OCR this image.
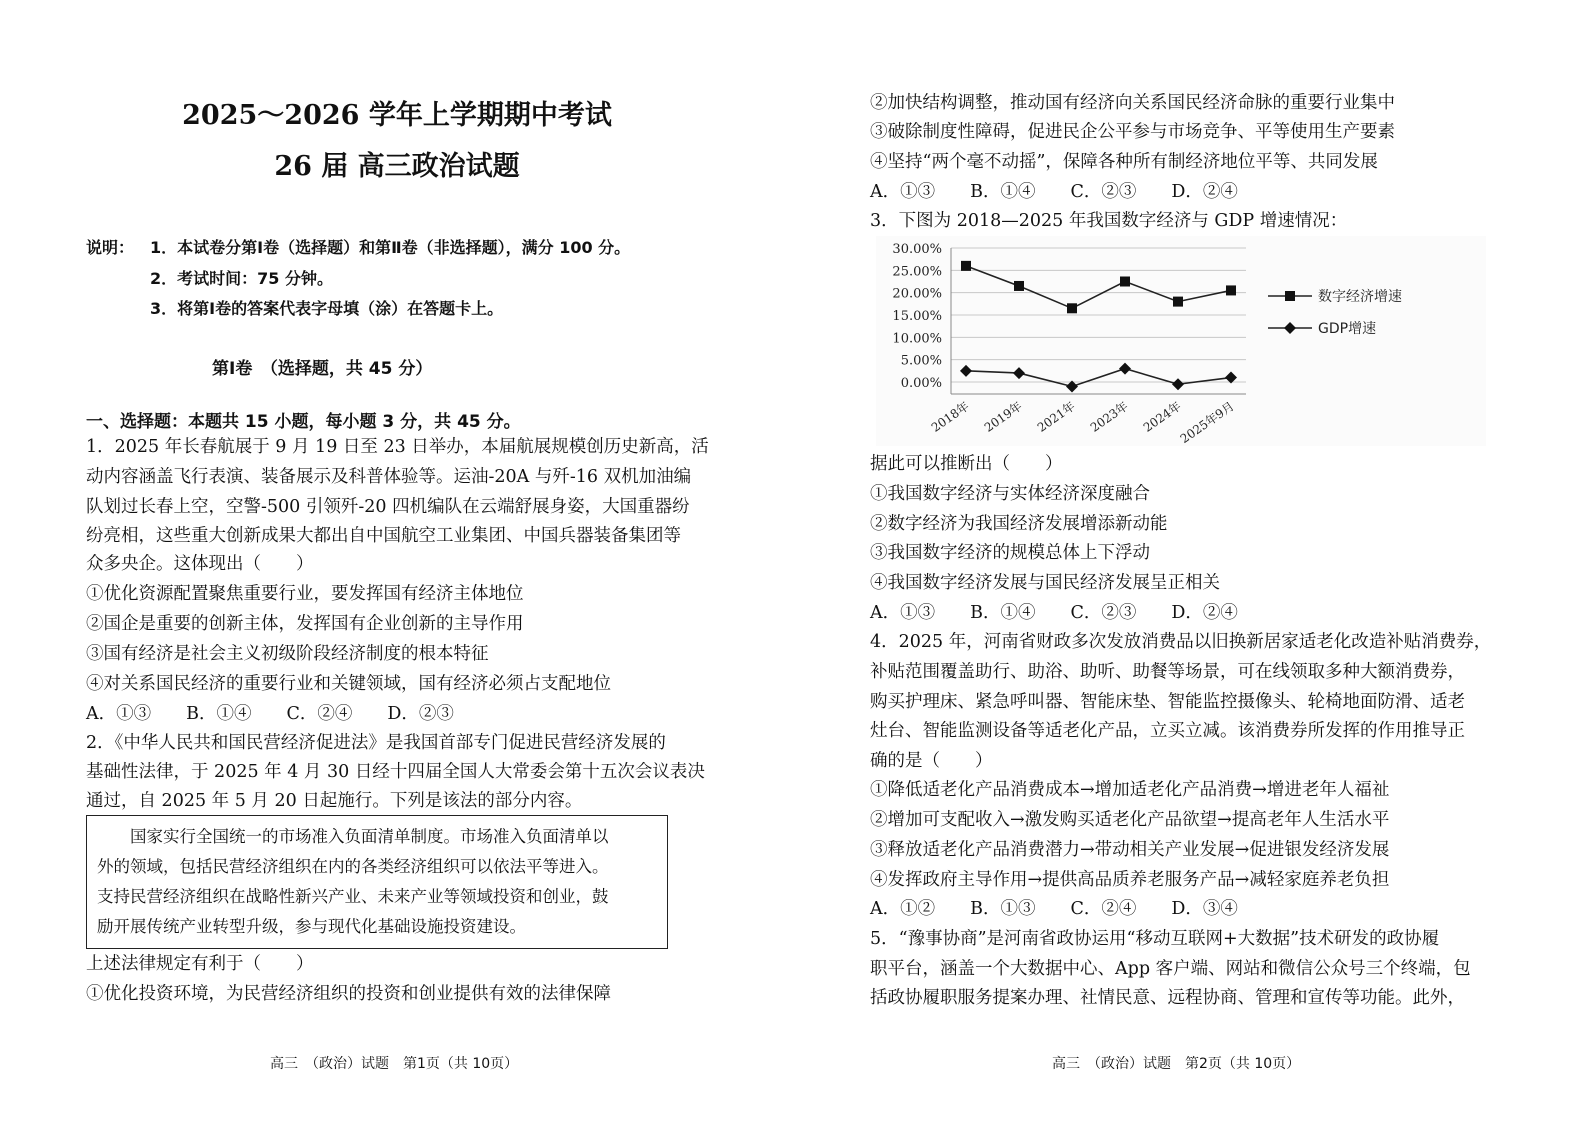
2025～2026 学年上学期期中考试
26 届 高三政治试题
说明： 1．本试卷分第Ⅰ卷（选择题）和第Ⅱ卷（非选择题），满分 100 分。
2．考试时间：75 分钟。
3．将第Ⅰ卷的答案代表字母填（涂）在答题卡上。
第Ⅰ卷　（选择题，共 45 分）
一、选择题：本题共 15 小题，每小题 3 分，共 45 分。
1．2025 年长春航展于 9 月 19 日至 23 日举办，本届航展规模创历史新高，活
动内容涵盖飞行表演、装备展示及科普体验等。运油-20A 与歼-16 双机加油编
队划过长春上空，空警-500 引领歼-20 四机编队在云端舒展身姿，大国重器纷
纷亮相，这些重大创新成果大都出自中国航空工业集团、中国兵器装备集团等
众多央企。这体现出（　　）
①优化资源配置聚焦重要行业，要发挥国有经济主体地位
②国企是重要的创新主体，发挥国有企业创新的主导作用
③国有经济是社会主义初级阶段经济制度的根本特征
④对关系国民经济的重要行业和关键领域，国有经济必须占支配地位
A．①③　　B．①④　　C．②④　　D．②③
2．《中华人民共和国民营经济促进法》是我国首部专门促进民营经济发展的
基础性法律，于 2025 年 4 月 30 日经十四届全国人大常委会第十五次会议表决
通过，自 2025 年 5 月 20 日起施行。下列是该法的部分内容。
　　国家实行全国统一的市场准入负面清单制度。市场准入负面清单以
外的领域，包括民营经济组织在内的各类经济组织可以依法平等进入。
支持民营经济组织在战略性新兴产业、未来产业等领域投资和创业，鼓
励开展传统产业转型升级，参与现代化基础设施投资建设。
上述法律规定有利于（　　）
①优化投资环境，为民营经济组织的投资和创业提供有效的法律保障
高三　（政治）试题　第1页（共 10页）
②加快结构调整，推动国有经济向关系国民经济命脉的重要行业集中
③破除制度性障碍，促进民企公平参与市场竞争、平等使用生产要素
④坚持“两个毫不动摇”，保障各种所有制经济地位平等、共同发展
A．①③　　B．①④　　C．②③　　D．②④
3．下图为 2018—2025 年我国数字经济与 GDP 增速情况：
据此可以推断出（　　）
①我国数字经济与实体经济深度融合
②数字经济为我国经济发展增添新动能
③我国数字经济的规模总体上下浮动
④我国数字经济发展与国民经济发展呈正相关
A．①③　　B．①④　　C．②③　　D．②④
4．2025 年，河南省财政多次发放消费品以旧换新居家适老化改造补贴消费券，
补贴范围覆盖助行、助浴、助听、助餐等场景，可在线领取多种大额消费券，
购买护理床、紧急呼叫器、智能床垫、智能监控摄像头、轮椅地面防滑、适老
灶台、智能监测设备等适老化产品，立买立减。该消费券所发挥的作用推导正
确的是（　　）
①降低适老化产品消费成本→增加适老化产品消费→增进老年人福祉
②增加可支配收入→激发购买适老化产品欲望→提高老年人生活水平
③释放适老化产品消费潜力→带动相关产业发展→促进银发经济发展
④发挥政府主导作用→提供高品质养老服务产品→减轻家庭养老负担
A．①②　　B．①③　　C．②④　　D．③④
5．“豫事协商”是河南省政协运用“移动互联网+大数据”技术研发的政协履
职平台，涵盖一个大数据中心、App 客户端、网站和微信公众号三个终端，包
括政协履职服务提案办理、社情民意、远程协商、管理和宣传等功能。此外，
高三　（政治）试题　第2页（共 10页）
30.00%
25.00%
20.00%
15.00%
10.00%
5.00%
0.00%
2018年 2019年 2021年 2023年 2024年
2025年9月
数字经济增速
GDP增速
